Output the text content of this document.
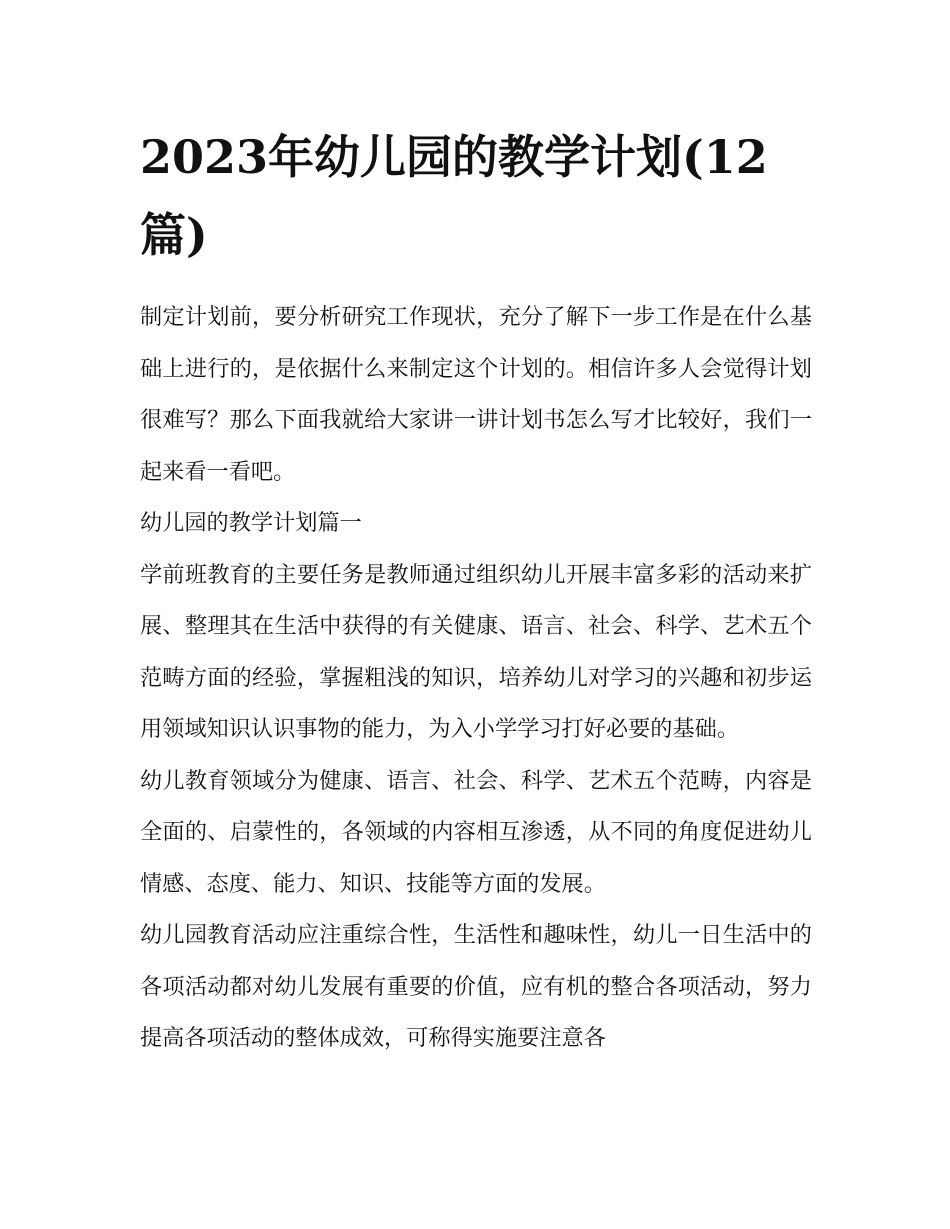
2023年幼儿园的教学计划(12篇)

制定计划前，要分析研究工作现状，充分了解下一步工作是在什么基础上进行的，是依据什么来制定这个计划的。相信许多人会觉得计划很难写？那么下面我就给大家讲一讲计划书怎么写才比较好，我们一起来看一看吧。

幼儿园的教学计划篇一

学前班教育的主要任务是教师通过组织幼儿开展丰富多彩的活动来扩展、整理其在生活中获得的有关健康、语言、社会、科学、艺术五个范畴方面的经验，掌握粗浅的知识，培养幼儿对学习的兴趣和初步运用领域知识认识事物的能力，为入小学学习打好必要的基础。

幼儿教育领域分为健康、语言、社会、科学、艺术五个范畴，内容是全面的、启蒙性的，各领域的内容相互渗透，从不同的角度促进幼儿情感、态度、能力、知识、技能等方面的发展。

幼儿园教育活动应注重综合性，生活性和趣味性，幼儿一日生活中的各项活动都对幼儿发展有重要的价值，应有机的整合各项活动，努力提高各项活动的整体成效，可称得实施要注意各
